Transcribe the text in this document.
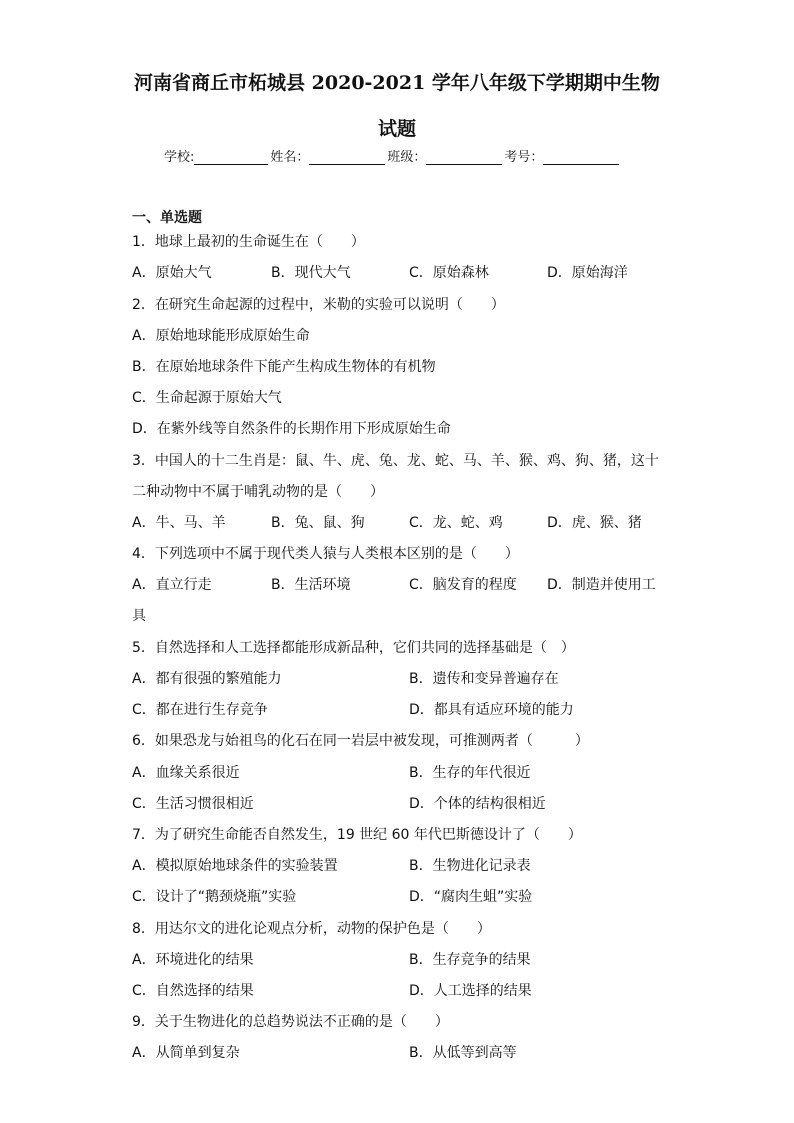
河南省商丘市柘城县 2020-2021 学年八年级下学期期中生物
试题
学校:	姓名：	班级：	考号：
一、单选题
1．地球上最初的生命诞生在（　　）
A．原始大气	B．现代大气	C．原始森林	D．原始海洋
2．在研究生命起源的过程中，米勒的实验可以说明（　　）
A．原始地球能形成原始生命
B．在原始地球条件下能产生构成生物体的有机物
C．生命起源于原始大气
D．在紫外线等自然条件的长期作用下形成原始生命
3．中国人的十二生肖是：鼠、牛、虎、兔、龙、蛇、马、羊、猴、鸡、狗、猪，这十
二种动物中不属于哺乳动物的是（　　）
A．牛、马、羊	B．兔、鼠、狗	C．龙、蛇、鸡	D．虎、猴、猪
4．下列选项中不属于现代类人猿与人类根本区别的是（　　）
A．直立行走	B．生活环境	C．脑发育的程度 D．制造并使用工
具
5．自然选择和人工选择都能形成新品种，它们共同的选择基础是（　）
A．都有很强的繁殖能力	B．遗传和变异普遍存在
C．都在进行生存竞争	D．都具有适应环境的能力
6．如果恐龙与始祖鸟的化石在同一岩层中被发现，可推测两者（　　　）
A．血缘关系很近	B．生存的年代很近
C．生活习惯很相近	D．个体的结构很相近
7．为了研究生命能否自然发生，19 世纪 60 年代巴斯德设计了（　　）
A．模拟原始地球条件的实验装置	B．生物进化记录表
C．设计了“鹅颈烧瓶”实验	D．“腐肉生蛆”实验
8．用达尔文的进化论观点分析，动物的保护色是（　　）
A．环境进化的结果	B．生存竞争的结果
C．自然选择的结果	D．人工选择的结果
9．关于生物进化的总趋势说法不正确的是（　　）
A．从简单到复杂	B．从低等到高等
